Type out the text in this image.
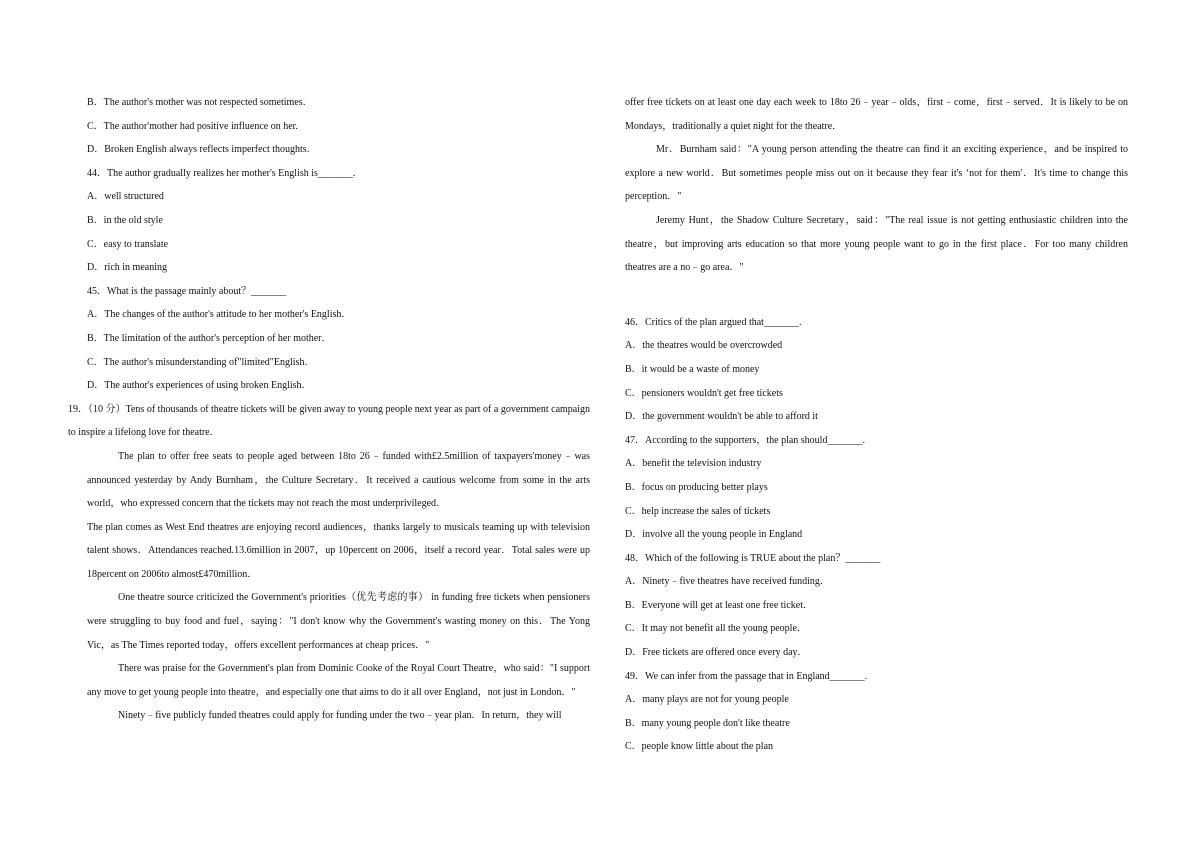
B．The author's mother was not respected sometimes．
C．The author'mother had positive influence on her.
D．Broken English always reflects imperfect thoughts．
44．The author gradually realizes her mother's English is_______.
A．well structured
B．in the old style
C．easy to translate
D．rich in meaning
45．What is the passage mainly about？_______
A．The changes of the author's attitude to her mother's English．
B．The limitation of the author's perception of her mother．
C．The author's misunderstanding of"limited"English．
D．The author's experiences of using broken English．

19．（10 分）Tens of thousands of theatre tickets will be given away to young people next year as part of a government campaign to inspire a lifelong love for theatre．

The plan to offer free seats to people aged between 18to 26﹣funded with£2.5million of taxpayers'money﹣was announced yesterday by Andy Burnham，the Culture Secretary．It received a cautious welcome from some in the arts world，who expressed concern that the tickets may not reach the most underprivileged．

The plan comes as West End theatres are enjoying record audiences，thanks largely to musicals teaming up with television talent shows．Attendances reached.13.6million in 2007，up 10percent on 2006，itself a record year．Total sales were up 18percent on 2006to almost£470million．

One theatre source criticized the Government's priorities（优先考虑的事） in funding free tickets when pensioners were struggling to buy food and fuel，saying："I don't know why the Government's wasting money on this．The Yong Vic，as The Times reported today，offers excellent performances at cheap prices．"

There was praise for the Government's plan from Dominic Cooke of the Royal Court Theatre，who said："I support any move to get young people into theatre，and especially one that aims to do it all over England，not just in London．"

Ninety﹣five publicly funded theatres could apply for funding under the two﹣year plan．In return，they will

offer free tickets on at least one day each week to 18to 26﹣year﹣olds，first﹣come，first﹣served．It is likely to be on Mondays，traditionally a quiet night for the theatre．

Mr．Burnham said："A young person attending the theatre can find it an exciting experience，and be inspired to explore a new world．But sometimes people miss out on it because they fear it's ‘not for them'．It's time to change this perception．"

Jeremy Hunt，the Shadow Culture Secretary，said："The real issue is not getting enthusiastic children into the theatre，but improving arts education so that more young people want to go in the first place．For too many children theatres are a no﹣go area．"

46．Critics of the plan argued that_______.
A．the theatres would be overcrowded
B．it would be a waste of money
C．pensioners wouldn't get free tickets
D．the government wouldn't be able to afford it
47．According to the supporters，the plan should_______.
A．benefit the television industry
B．focus on producing better plays
C．help increase the sales of tickets
D．involve all the young people in England
48．Which of the following is TRUE about the plan？_______
A．Ninety﹣five theatres have received funding．
B．Everyone will get at least one free ticket．
C．It may not benefit all the young people．
D．Free tickets are offered once every day．
49．We can infer from the passage that in England_______.
A．many plays are not for young people
B．many young people don't like theatre
C．people know little about the plan
